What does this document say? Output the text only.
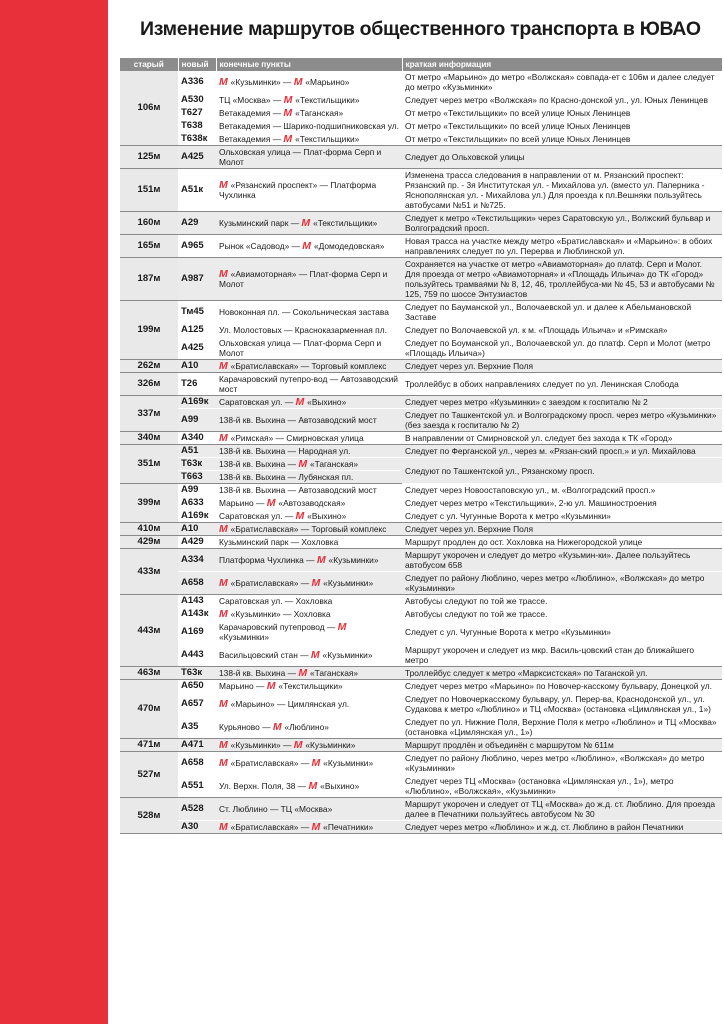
Изменение маршрутов общественного транспорта в ЮВАО
старый	новый	конечные пункты	краткая информация
106м	А336	М «Кузьминки» — М «Марьино»	От метро «Марьино» до метро «Волжская» совпада-ет с 106м и далее следует до метро «Кузьминки»
	А530	ТЦ «Москва» — М «Текстильщики»	Следует через метро «Волжская» по Красно-донской ул., ул. Юных Ленинцев
	Т627	Ветакадемия — М «Таганская»	От метро «Текстильщики» по всей улице Юных Ленинцев
	Т638	Ветакадемия — Шарико-подшипниковская ул.	От метро «Текстильщики» по всей улице Юных Ленинцев
	Т638к	Ветакадемия — М «Текстильщики»	От метро «Текстильщики» по всей улице Юных Ленинцев
125м	А425	Ольховская улица — Плат-форма Серп и Молот	Следует до Ольховской улицы
151м	А51к	М «Рязанский проспект» — Платформа Чухлинка	Изменена трасса следования в направлении от м. Рязанский проспект: Рязанский пр. - 3я Институтская ул. - Михайлова ул. (вместо ул. Паперника - Яснополянская ул. - Михайлова ул.) Для проезда к пл.Вешняки пользуйтесь автобусами №51 и №725.
160м	А29	Кузьминский парк — М «Текстильщики»	Следует к метро «Текстильщики» через Саратовскую ул., Волжский бульвар и Волгоградский просп.
165м	А965	Рынок «Садовод» — М «Домодедовская»	Новая трасса на участке между метро «Братиславская» и «Марьино»: в обоих направлениях следует по ул. Перерва и Люблинской ул.
187м	А987	М «Авиамоторная» — Плат-форма Серп и Молот	Сохраняется на участке от метро «Авиамоторная» до платф. Серп и Молот. Для проезда от метро «Авиамоторная» и «Площадь Ильича» до ТК «Город» пользуйтесь трамваями № 8, 12, 46, троллейбуса-ми № 45, 53 и автобусами № 125, 759 по шоссе Энтузиастов
199м	Тм45	Новоконная пл. — Сокольническая застава	Следует по Бауманской ул., Волочаевской ул. и далее к Абельмановской Заставе
	А125	Ул. Молостовых — Красноказарменная пл.	Следует по Волочаевской ул. к м. «Площадь Ильича» и «Римская»
	А425	Ольховская улица — Плат-форма Серп и Молот	Следует по Боуманской ул., Волочаевской ул. до платф. Серп и Молот (метро «Площадь Ильича»)
262м	А10	М «Братиславская» — Торговый комплекс	Следует через ул. Верхние Поля
326м	Т26	Карачаровский путепро-вод — Автозаводский мост	Троллейбус в обоих направлениях следует по ул. Ленинская Слобода
337м	А169к	Саратовская ул. — М «Выхино»	Следует через метро «Кузьминки» с заездом к госпиталю № 2
	А99	138-й кв. Выхина — Автозаводский мост	Следует по Ташкентской ул. и Волгоградскому просп. через метро «Кузьминки» (без заезда к госпиталю № 2)
340м	А340	М «Римская» — Смирновская улица	В направлении от Смирновской ул. следует без захода к ТК «Город»
351м	А51	138-й кв. Выхина — Народная ул.	Следует по Ферганской ул., через м. «Рязан-ский просп.» и ул. Михайлова
	Т63к	138-й кв. Выхина — М «Таганская»	Следуют по Ташкентской ул., Рязанскому просп.
	Т663	138-й кв. Выхина — Лубянская пл.	
399м	А99	138-й кв. Выхина — Автозаводский мост	Следует через Новоостаповскую ул., м. «Волгоградский просп.»
	А633	Марьино — М «Автозаводская»	Следует через метро «Текстильщики», 2-ю ул. Машиностроения
	А169к	Саратовская ул. — М «Выхино»	Следует с ул. Чугунные Ворота к метро «Кузьминки»
410м	А10	М «Братиславская» — Торговый комплекс	Следует через ул. Верхние Поля
429м	А429	Кузьминский парк — Хохловка	Маршрут продлен до ост. Хохловка на Нижегородской улице
433м	А334	Платформа Чухлинка — М «Кузьминки»	Маршрут укорочен и следует до метро «Кузьмин-ки». Далее пользуйтесь автобусом 658
	А658	М «Братиславская» — М «Кузьминки»	Следует по району Люблино, через метро «Люблино», «Волжская» до метро «Кузьминки»
443м	А143	Саратовская ул. — Хохловка	Автобусы следуют по той же трассе.
	А143к	М «Кузьминки» — Хохловка	Автобусы следуют по той же трассе.
	А169	Карачаровский путепровод — М «Кузьминки»	Следует с ул. Чугунные Ворота к метро «Кузьминки»
	А443	Васильцовский стан — М «Кузьминки»	Маршрут укорочен и следует из мкр. Василь-цовский стан до ближайшего метро
463м	Т63к	138-й кв. Выхина — М «Таганская»	Троллейбус следует к метро «Марксистская» по Таганской ул.
470м	А650	Марьино — М «Текстильщики»	Следует через метро «Марьино» по Новочер-касскому бульвару, Донецкой ул.
	А657	М «Марьино» — Цимлянская ул.	Следует по Новочеркасскому бульвару, ул. Перер-ва, Краснодонской ул., ул. Судакова к метро «Люблино» и ТЦ «Москва» (остановка «Цимлянская ул., 1»)
	А35	Курьяново — М «Люблино»	Следует по ул. Нижние Поля, Верхние Поля к метро «Люблино» и ТЦ «Москва» (остановка «Цимлянская ул., 1»)
471м	А471	М «Кузьминки» — М «Кузьминки»	Маршрут продлён и объединён с маршрутом № 611м
527м	А658	М «Братиславская» — М «Кузьминки»	Следует по району Люблино, через метро «Люблино», «Волжская» до метро «Кузьминки»
	А551	Ул. Верхн. Поля, 38 — М «Выхино»	Следует через ТЦ «Москва» (остановка «Цимлянская ул., 1»), метро «Люблино», «Волжская», «Кузьминки»
528м	А528	Ст. Люблино — ТЦ «Москва»	Маршрут укорочен и следует от ТЦ «Москва» до ж.д. ст. Люблино. Для проезда далее в Печатники пользуйтесь автобусом № 30
	А30	М «Братиславская» — М «Печатники»	Следует через метро «Люблино» и ж.д. ст. Люблино в район Печатники
